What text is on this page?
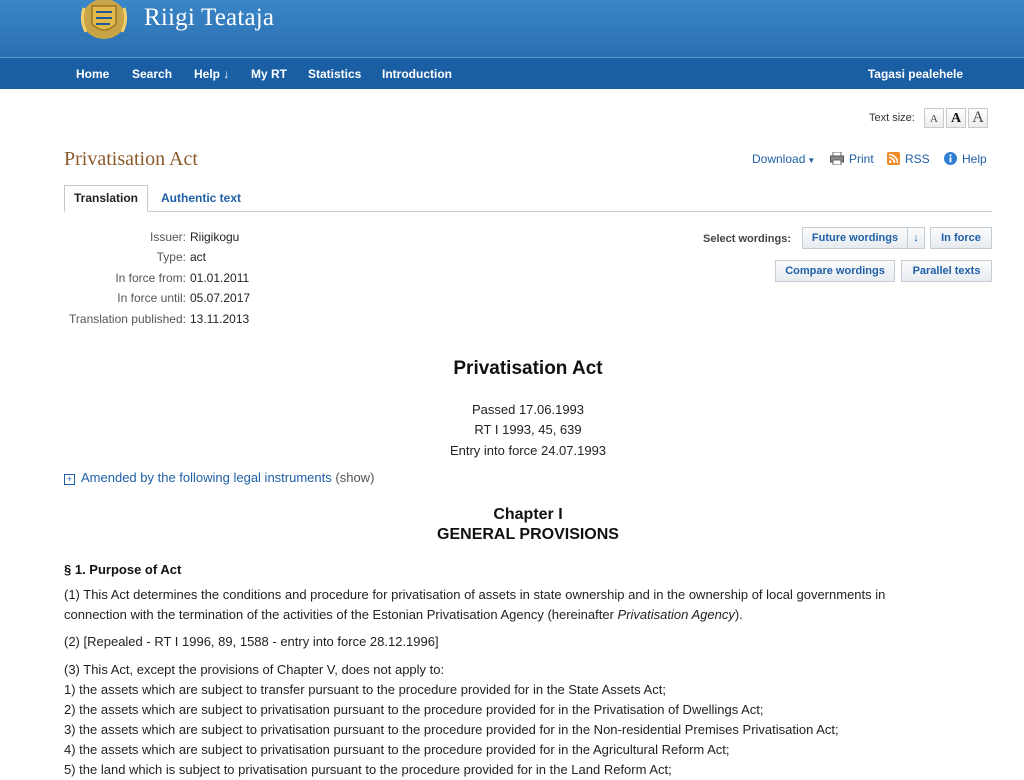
Riigi Teataja
Home Search Help ↓ My RT Statistics Introduction	Tagasi pealehele
Text size:	A A A
Privatisation Act	Download ▼	Print	RSS	Help
Translation	Authentic text
Issuer: Riigikogu
Type: act
In force from: 01.01.2011
In force until: 05.07.2017
Translation published: 13.11.2013
Select wordings:	Future wordings	↓	In force
Compare wordings	Parallel texts
Privatisation Act
Passed 17.06.1993
RT I 1993, 45, 639
Entry into force 24.07.1993
+ Amended by the following legal instruments (show)
Chapter I
GENERAL PROVISIONS
§ 1. Purpose of Act
(1) This Act determines the conditions and procedure for privatisation of assets in state ownership and in the ownership of local governments in
connection with the termination of the activities of the Estonian Privatisation Agency (hereinafter Privatisation Agency).
(2) [Repealed - RT I 1996, 89, 1588 - entry into force 28.12.1996]
(3) This Act, except the provisions of Chapter V, does not apply to:
1) the assets which are subject to transfer pursuant to the procedure provided for in the State Assets Act;
2) the assets which are subject to privatisation pursuant to the procedure provided for in the Privatisation of Dwellings Act;
3) the assets which are subject to privatisation pursuant to the procedure provided for in the Non-residential Premises Privatisation Act;
4) the assets which are subject to privatisation pursuant to the procedure provided for in the Agricultural Reform Act;
5) the land which is subject to privatisation pursuant to the procedure provided for in the Land Reform Act;
